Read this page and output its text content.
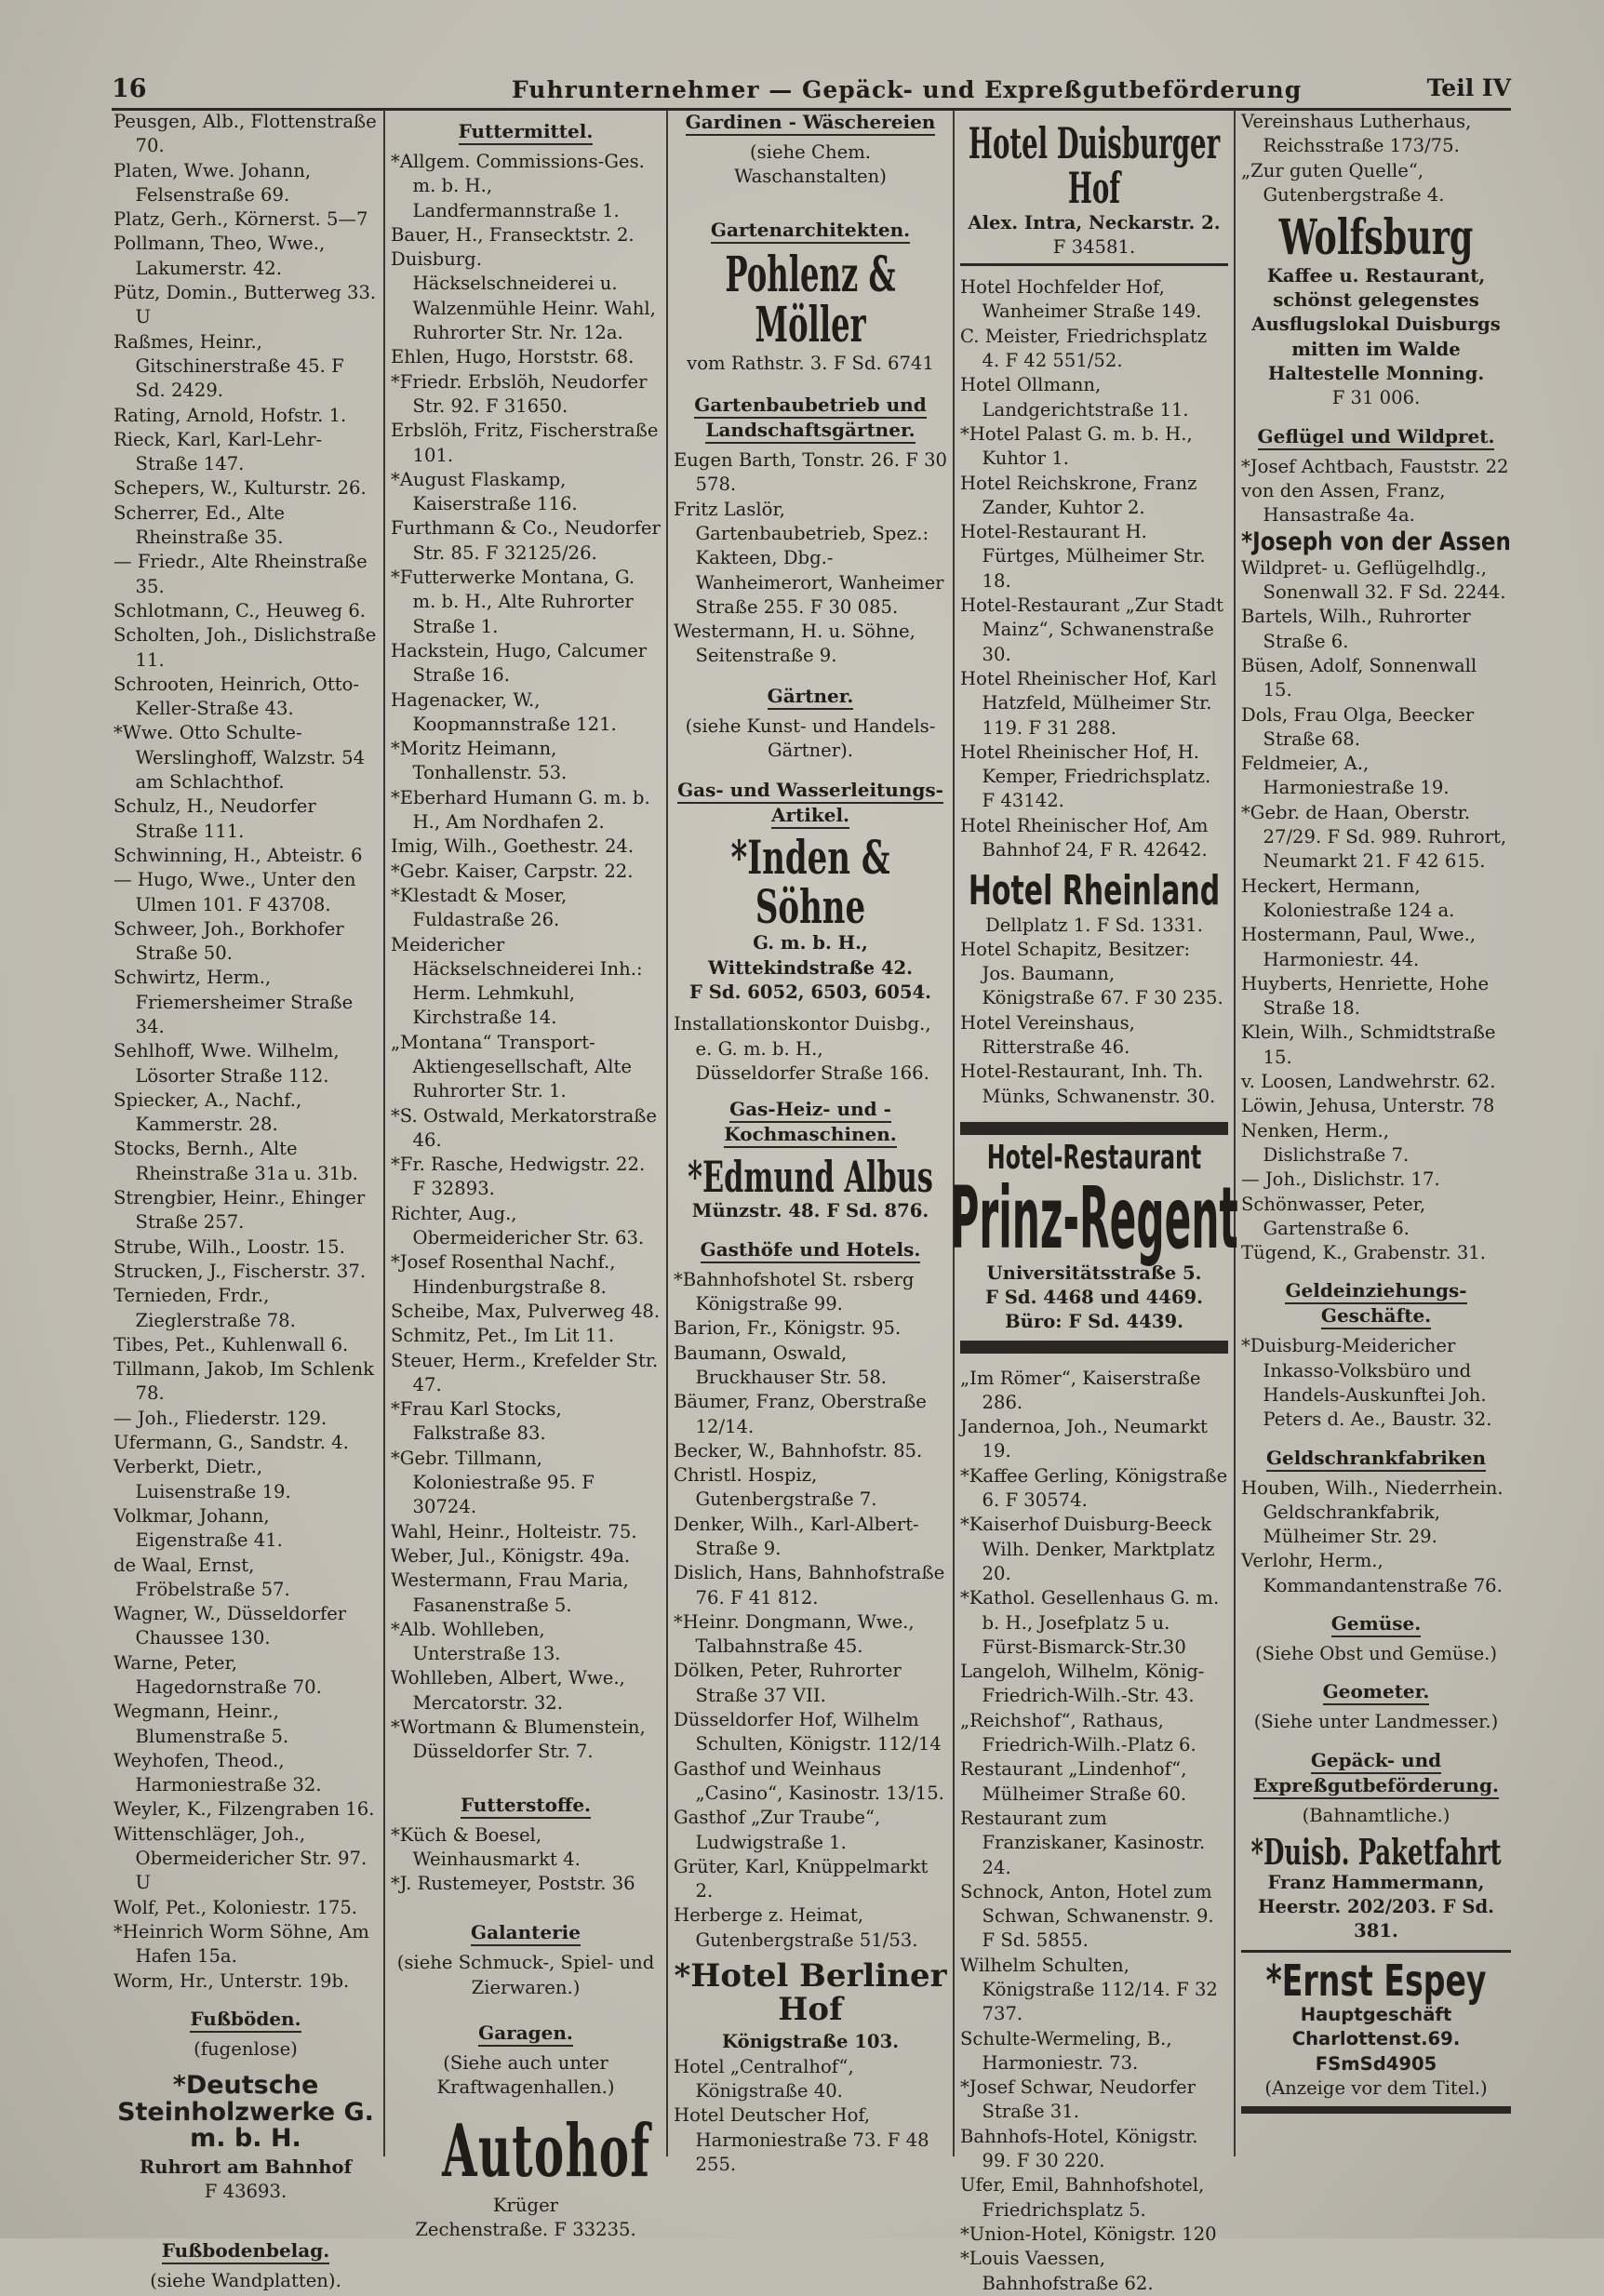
16	Fuhrunternehmer — Gepäck- und Expreßgutbeförderung	Teil IV

Peusgen, Alb., Flottenstraße 70.

Platen, Wwe. Johann, Felsenstraße 69.

Platz, Gerh., Körnerst. 5—7

Pollmann, Theo, Wwe., Lakumerstr. 42.

Pütz, Domin., Butterweg 33. U

Raßmes, Heinr., Gitschinerstraße 45. F Sd. 2429.

Rating, Arnold, Hofstr. 1.

Rieck, Karl, Karl-Lehr-Straße 147.

Schepers, W., Kulturstr. 26.

Scherrer, Ed., Alte Rheinstraße 35.

— Friedr., Alte Rheinstraße 35.

Schlotmann, C., Heuweg 6.

Scholten, Joh., Dislichstraße 11.

Schrooten, Heinrich, Otto-Keller-Straße 43.

*Wwe. Otto Schulte-Werslinghoff, Walzstr. 54 am Schlachthof.

Schulz, H., Neudorfer Straße 111.

Schwinning, H., Abteistr. 6

— Hugo, Wwe., Unter den Ulmen 101. F 43708.

Schweer, Joh., Borkhofer Straße 50.

Schwirtz, Herm., Friemersheimer Straße 34.

Sehlhoff, Wwe. Wilhelm, Lösorter Straße 112.

Spiecker, A., Nachf., Kammerstr. 28.

Stocks, Bernh., Alte Rheinstraße 31a u. 31b.

Strengbier, Heinr., Ehinger Straße 257.

Strube, Wilh., Loostr. 15.

Strucken, J., Fischerstr. 37.

Ternieden, Frdr., Zieglerstraße 78.

Tibes, Pet., Kuhlenwall 6.

Tillmann, Jakob, Im Schlenk 78.

— Joh., Fliederstr. 129.

Ufermann, G., Sandstr. 4.

Verberkt, Dietr., Luisenstraße 19.

Volkmar, Johann, Eigenstraße 41.

de Waal, Ernst, Fröbelstraße 57.

Wagner, W., Düsseldorfer Chaussee 130.

Warne, Peter, Hagedornstraße 70.

Wegmann, Heinr., Blumenstraße 5.

Weyhofen, Theod., Harmoniestraße 32.

Weyler, K., Filzengraben 16.

Wittenschläger, Joh., Obermeidericher Str. 97. U

Wolf, Pet., Koloniestr. 175.

*Heinrich Worm Söhne, Am Hafen 15a.

Worm, Hr., Unterstr. 19b.

Fußböden.

(fugenlose)

*Deutsche Steinholzwerke G. m. b. H.

Ruhrort am Bahnhof

F 43693.

Fußbodenbelag.

(siehe Wandplatten).

Futtermittel.

*Allgem. Commissions-Ges. m. b. H., Landfermannstraße 1.

Bauer, H., Fransecktstr. 2.

Duisburg. Häckselschneiderei u. Walzenmühle Heinr. Wahl, Ruhrorter Str. Nr. 12a.

Ehlen, Hugo, Horststr. 68.

*Friedr. Erbslöh, Neudorfer Str. 92. F 31650.

Erbslöh, Fritz, Fischerstraße 101.

*August Flaskamp, Kaiserstraße 116.

Furthmann & Co., Neudorfer Str. 85. F 32125/26.

*Futterwerke Montana, G. m. b. H., Alte Ruhrorter Straße 1.

Hackstein, Hugo, Calcumer Straße 16.

Hagenacker, W., Koopmannstraße 121.

*Moritz Heimann, Tonhallenstr. 53.

*Eberhard Humann G. m. b. H., Am Nordhafen 2.

Imig, Wilh., Goethestr. 24.

*Gebr. Kaiser, Carpstr. 22.

*Klestadt & Moser, Fuldastraße 26.

Meidericher Häckselschneiderei Inh.: Herm. Lehmkuhl, Kirchstraße 14.

„Montana“ Transport-Aktiengesellschaft, Alte Ruhrorter Str. 1.

*S. Ostwald, Merkatorstraße 46.

*Fr. Rasche, Hedwigstr. 22. F 32893.

Richter, Aug., Obermeidericher Str. 63.

*Josef Rosenthal Nachf., Hindenburgstraße 8.

Scheibe, Max, Pulverweg 48.

Schmitz, Pet., Im Lit 11.

Steuer, Herm., Krefelder Str. 47.

*Frau Karl Stocks, Falkstraße 83.

*Gebr. Tillmann, Koloniestraße 95. F 30724.

Wahl, Heinr., Holteistr. 75.

Weber, Jul., Königstr. 49a.

Westermann, Frau Maria, Fasanenstraße 5.

*Alb. Wohlleben, Unterstraße 13.

Wohlleben, Albert, Wwe., Mercatorstr. 32.

*Wortmann & Blumenstein, Düsseldorfer Str. 7.

Futterstoffe.

*Küch & Boesel, Weinhausmarkt 4.

*J. Rustemeyer, Poststr. 36

Galanterie

(siehe Schmuck-, Spiel- und Zierwaren.)

Garagen.

(Siehe auch unter Kraftwagenhallen.)

Autohof

Krüger

Zechenstraße. F 33235.

Gardinen - Wäschereien

(siehe Chem. Waschanstalten)

Gartenarchitekten.
Pohlenz & Möller

vom Rathstr. 3. F Sd. 6741

Gartenbaubetrieb und Landschaftsgärtner.

Eugen Barth, Tonstr. 26. F 30 578.

Fritz Laslör, Gartenbaubetrieb, Spez.: Kakteen, Dbg.-Wanheimerort, Wanheimer Straße 255. F 30 085.

Westermann, H. u. Söhne, Seitenstraße 9.

Gärtner.

(siehe Kunst- und Handels-Gärtner).

Gas- und Wasserleitungs-Artikel.
*Inden & Söhne

G. m. b. H.,

Wittekindstraße 42.

F Sd. 6052, 6503, 6054.

Installationskontor Duisbg., e. G. m. b. H., Düsseldorfer Straße 166.

Gas-Heiz- und -Kochmaschinen.
*Edmund Albus

Münzstr. 48. F Sd. 876.

Gasthöfe und Hotels.

*Bahnhofshotel St. rsberg Königstraße 99.

Barion, Fr., Königstr. 95.

Baumann, Oswald, Bruckhauser Str. 58.

Bäumer, Franz, Oberstraße 12/14.

Becker, W., Bahnhofstr. 85.

Christl. Hospiz, Gutenbergstraße 7.

Denker, Wilh., Karl-Albert-Straße 9.

Dislich, Hans, Bahnhofstraße 76. F 41 812.

*Heinr. Dongmann, Wwe., Talbahnstraße 45.

Dölken, Peter, Ruhrorter Straße 37 VII.

Düsseldorfer Hof, Wilhelm Schulten, Königstr. 112/14

Gasthof und Weinhaus „Casino“, Kasinostr. 13/15.

Gasthof „Zur Traube“, Ludwigstraße 1.

Grüter, Karl, Knüppelmarkt 2.

Herberge z. Heimat, Gutenbergstraße 51/53.

*Hotel Berliner Hof

Königstraße 103.

Hotel „Centralhof“, Königstraße 40.

Hotel Deutscher Hof, Harmoniestraße 73. F 48 255.

Hotel Duisburger Hof

Alex. Intra, Neckarstr. 2.

F 34581.

Hotel Hochfelder Hof, Wanheimer Straße 149.

C. Meister, Friedrichsplatz 4. F 42 551/52.

Hotel Ollmann, Landgerichtstraße 11.

*Hotel Palast G. m. b. H., Kuhtor 1.

Hotel Reichskrone, Franz Zander, Kuhtor 2.

Hotel-Restaurant H. Fürtges, Mülheimer Str. 18.

Hotel-Restaurant „Zur Stadt Mainz“, Schwanenstraße 30.

Hotel Rheinischer Hof, Karl Hatzfeld, Mülheimer Str. 119. F 31 288.

Hotel Rheinischer Hof, H. Kemper, Friedrichsplatz. F 43142.

Hotel Rheinischer Hof, Am Bahnhof 24, F R. 42642.

Hotel Rheinland

Dellplatz 1. F Sd. 1331.

Hotel Schapitz, Besitzer: Jos. Baumann, Königstraße 67. F 30 235.

Hotel Vereinshaus, Ritterstraße 46.

Hotel-Restaurant, Inh. Th. Münks, Schwanenstr. 30.

Hotel-Restaurant
Prinz-Regent

Universitätsstraße 5.

F Sd. 4468 und 4469.

Büro: F Sd. 4439.

„Im Römer“, Kaiserstraße 286.

Jandernoa, Joh., Neumarkt 19.

*Kaffee Gerling, Königstraße 6. F 30574.

*Kaiserhof Duisburg-Beeck Wilh. Denker, Marktplatz 20.

*Kathol. Gesellenhaus G. m. b. H., Josefplatz 5 u. Fürst-Bismarck-Str.30

Langeloh, Wilhelm, König-Friedrich-Wilh.-Str. 43.

„Reichshof“, Rathaus, Friedrich-Wilh.-Platz 6.

Restaurant „Lindenhof“, Mülheimer Straße 60.

Restaurant zum Franziskaner, Kasinostr. 24.

Schnock, Anton, Hotel zum Schwan, Schwanenstr. 9. F Sd. 5855.

Wilhelm Schulten, Königstraße 112/14. F 32 737.

Schulte-Wermeling, B., Harmoniestr. 73.

*Josef Schwar, Neudorfer Straße 31.

Bahnhofs-Hotel, Königstr. 99. F 30 220.

Ufer, Emil, Bahnhofshotel, Friedrichsplatz 5.

*Union-Hotel, Königstr. 120

*Louis Vaessen, Bahnhofstraße 62.

Vereinshaus Lutherhaus, Reichsstraße 173/75.

„Zur guten Quelle“, Gutenbergstraße 4.

Wolfsburg

Kaffee u. Restaurant, schönst gelegenstes Ausflugslokal Duisburgs mitten im Walde Haltestelle Monning.

F 31 006.

Geflügel und Wildpret.

*Josef Achtbach, Fauststr. 22

von den Assen, Franz, Hansastraße 4a.

*Joseph von der Assen

Wildpret- u. Geflügelhdlg., Sonenwall 32. F Sd. 2244.

Bartels, Wilh., Ruhrorter Straße 6.

Büsen, Adolf, Sonnenwall 15.

Dols, Frau Olga, Beecker Straße 68.

Feldmeier, A., Harmoniestraße 19.

*Gebr. de Haan, Oberstr. 27/29. F Sd. 989. Ruhrort, Neumarkt 21. F 42 615.

Heckert, Hermann, Koloniestraße 124 a.

Hostermann, Paul, Wwe., Harmoniestr. 44.

Huyberts, Henriette, Hohe Straße 18.

Klein, Wilh., Schmidtstraße 15.

v. Loosen, Landwehrstr. 62.

Löwin, Jehusa, Unterstr. 78

Nenken, Herm., Dislichstraße 7.

— Joh., Dislichstr. 17.

Schönwasser, Peter, Gartenstraße 6.

Tügend, K., Grabenstr. 31.

Geldeinziehungs-Geschäfte.

*Duisburg-Meidericher Inkasso-Volksbüro und Handels-Auskunftei Joh. Peters d. Ae., Baustr. 32.

Geldschrankfabriken

Houben, Wilh., Niederrhein. Geldschrankfabrik, Mülheimer Str. 29.

Verlohr, Herm., Kommandantenstraße 76.

Gemüse.

(Siehe Obst und Gemüse.)

Geometer.

(Siehe unter Landmesser.)

Gepäck- und Expreßgutbeförderung.

(Bahnamtliche.)

*Duisb. Paketfahrt

Franz Hammermann, Heerstr. 202/203. F Sd. 381.

*Ernst Espey

Hauptgeschäft

Charlottenst.69. FSmSd4905

(Anzeige vor dem Titel.)
